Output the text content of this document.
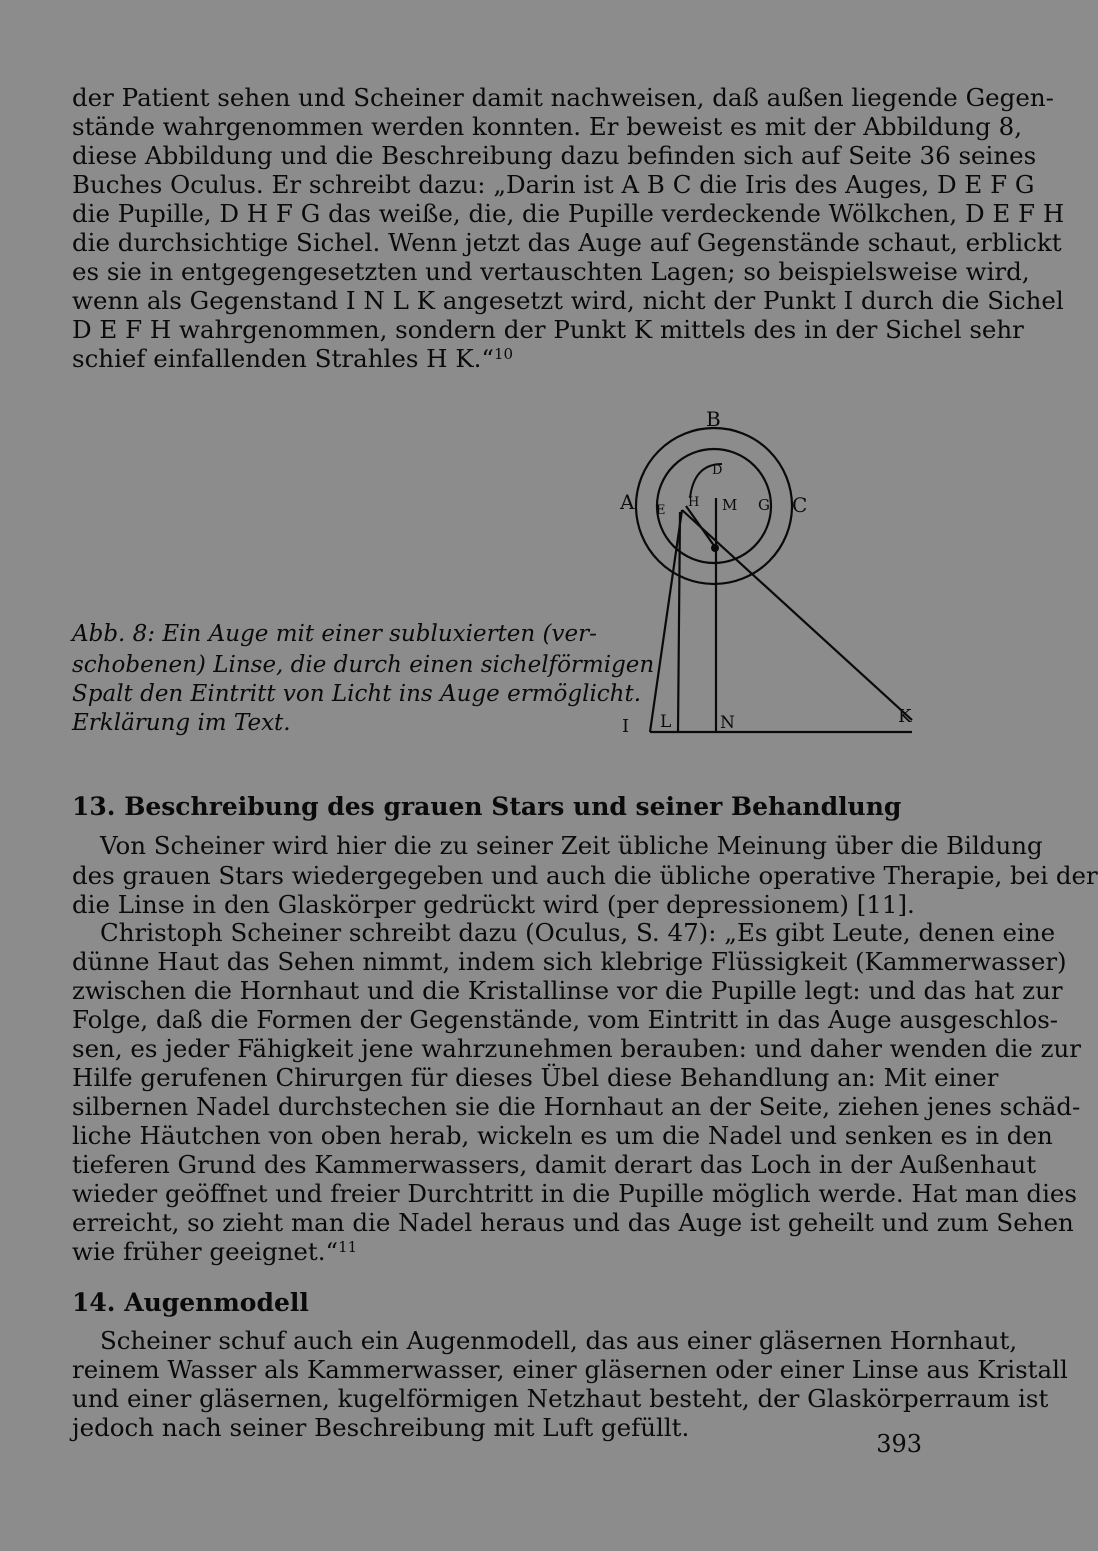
der Patient sehen und Scheiner damit nachweisen, daß außen liegende Gegen-
stände wahrgenommen werden konnten. Er beweist es mit der Abbildung 8,
diese Abbildung und die Beschreibung dazu befinden sich auf Seite 36 seines
Buches Oculus. Er schreibt dazu: „Darin ist A B C die Iris des Auges, D E F G
die Pupille, D H F G das weiße, die, die Pupille verdeckende Wölkchen, D E F H
die durchsichtige Sichel. Wenn jetzt das Auge auf Gegenstände schaut, erblickt
es sie in entgegengesetzten und vertauschten Lagen; so beispielsweise wird,
wenn als Gegenstand I N L K angesetzt wird, nicht der Punkt I durch die Sichel
D E F H wahrgenommen, sondern der Punkt K mittels des in der Sichel sehr
schief einfallenden Strahles H K.“$^{10}$
B
A	C
D
E
H M G
I L	N	K
Abb. 8: Ein Auge mit einer subluxierten (ver-
schobenen) Linse, die durch einen sichelförmigen
Spalt den Eintritt von Licht ins Auge ermöglicht.
Erklärung im Text.
13. Beschreibung des grauen Stars und seiner Behandlung
Von Scheiner wird hier die zu seiner Zeit übliche Meinung über die Bildung
des grauen Stars wiedergegeben und auch die übliche operative Therapie, bei der
die Linse in den Glaskörper gedrückt wird (per depressionem) [11].
Christoph Scheiner schreibt dazu (Oculus, S. 47): „Es gibt Leute, denen eine
dünne Haut das Sehen nimmt, indem sich klebrige Flüssigkeit (Kammerwasser)
zwischen die Hornhaut und die Kristallinse vor die Pupille legt: und das hat zur
Folge, daß die Formen der Gegenstände, vom Eintritt in das Auge ausgeschlos-
sen, es jeder Fähigkeit jene wahrzunehmen berauben: und daher wenden die zur
Hilfe gerufenen Chirurgen für dieses Übel diese Behandlung an: Mit einer
silbernen Nadel durchstechen sie die Hornhaut an der Seite, ziehen jenes schäd-
liche Häutchen von oben herab, wickeln es um die Nadel und senken es in den
tieferen Grund des Kammerwassers, damit derart das Loch in der Außenhaut
wieder geöffnet und freier Durchtritt in die Pupille möglich werde. Hat man dies
erreicht, so zieht man die Nadel heraus und das Auge ist geheilt und zum Sehen
wie früher geeignet.“$^{11}$
14. Augenmodell
Scheiner schuf auch ein Augenmodell, das aus einer gläsernen Hornhaut,
reinem Wasser als Kammerwasser, einer gläsernen oder einer Linse aus Kristall
und einer gläsernen, kugelförmigen Netzhaut besteht, der Glaskörperraum ist
jedoch nach seiner Beschreibung mit Luft gefüllt.
393
